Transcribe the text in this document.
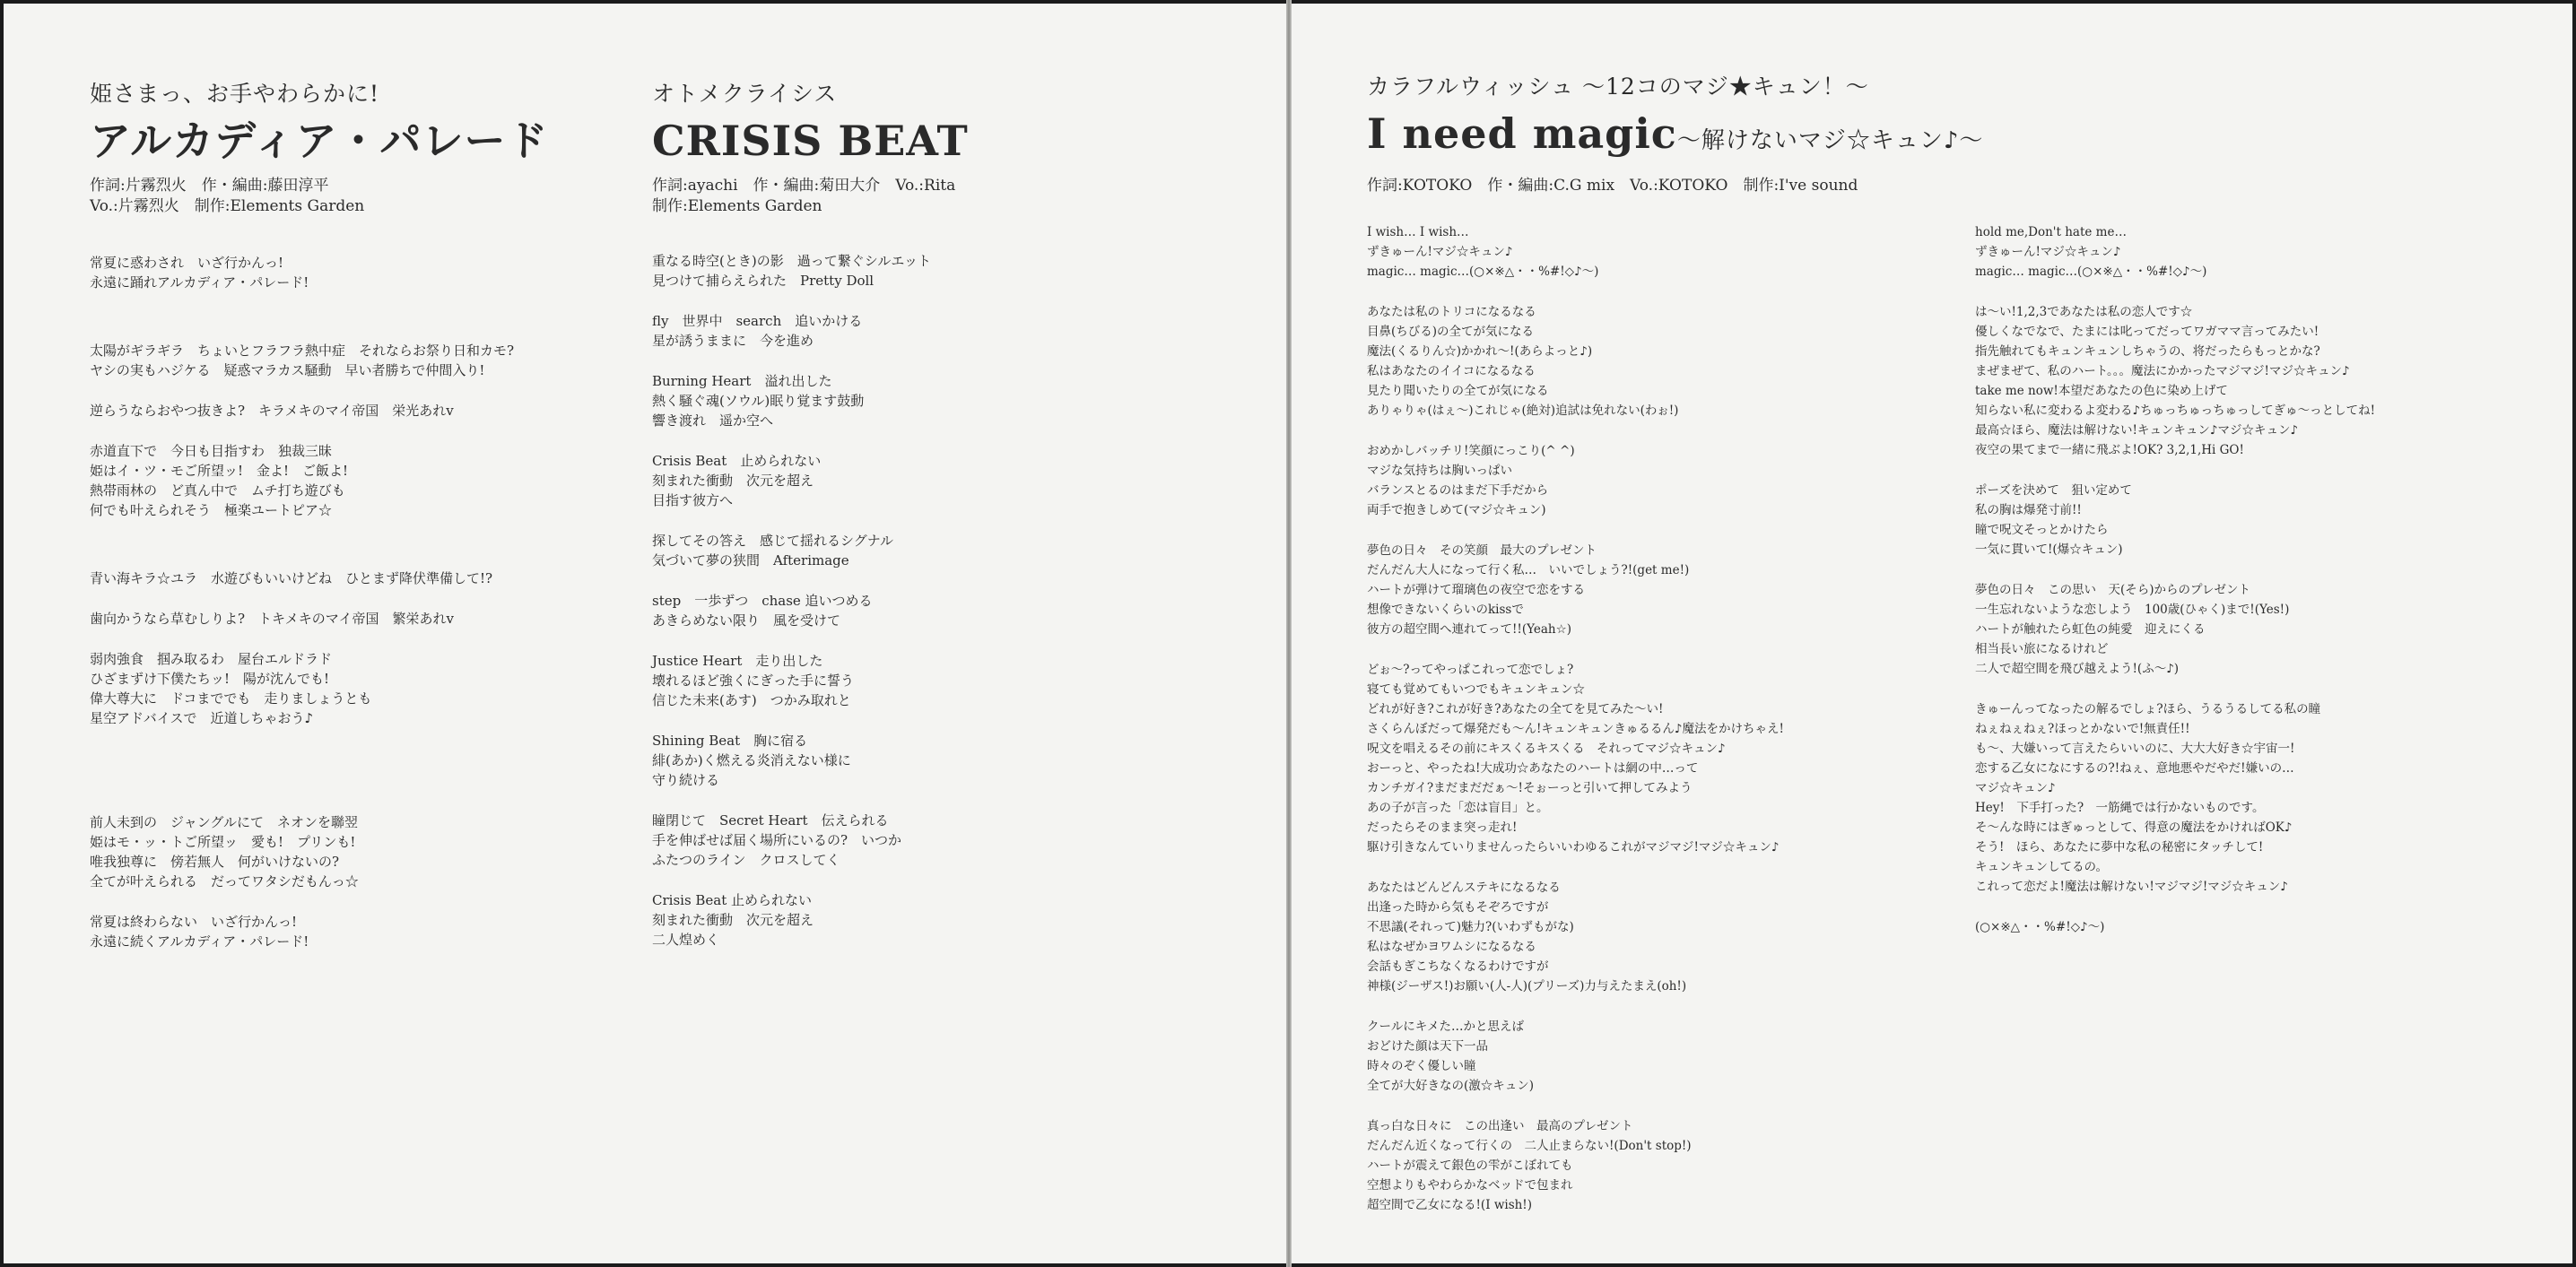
姫さまっ、お手やわらかに!

アルカディア・パレード

作詞:片霧烈火　作・編曲:藤田淳平
Vo.:片霧烈火　制作:Elements Garden

常夏に惑わされ　いざ行かんっ!
永遠に踊れアルカディア・パレード!
太陽がギラギラ　ちょいとフラフラ熱中症　それならお祭り日和カモ?
ヤシの実もハジケる　疑惑マラカス騒動　早い者勝ちで仲間入り!
逆らうならおやつ抜きよ?　キラメキのマイ帝国　栄光あれv
赤道直下で　今日も目指すわ　独裁三昧
姫はイ・ツ・モご所望ッ!　金よ!　ご飯よ!
熱帯雨林の　ど真ん中で　ムチ打ち遊びも
何でも叶えられそう　極楽ユートピア☆
青い海キラ☆ユラ　水遊びもいいけどね　ひとまず降伏準備して!?
歯向かうなら草むしりよ?　トキメキのマイ帝国　繁栄あれv
弱肉強食　掴み取るわ　屋台エルドラド
ひざまずけ下僕たちッ!　陽が沈んでも!
偉大尊大に　ドコまででも　走りましょうとも
星空アドバイスで　近道しちゃおう♪
前人未到の　ジャングルにて　ネオンを聯翌
姫はモ・ッ・トご所望ッ　愛も!　プリンも!
唯我独尊に　傍若無人　何がいけないの?
全てが叶えられる　だってワタシだもんっ☆
常夏は終わらない　いざ行かんっ!
永遠に続くアルカディア・パレード!

オトメクライシス

CRISIS BEAT

作詞:ayachi　作・編曲:菊田大介　Vo.:Rita
制作:Elements Garden

重なる時空(とき)の影　過って繋ぐシルエット
見つけて捕らえられた　Pretty Doll
fly　世界中　search　追いかける
星が誘うままに　今を進め
Burning Heart　溢れ出した
熱く騒ぐ魂(ソウル)眠り覚ます鼓動
響き渡れ　遥か空へ
Crisis Beat　止められない
刻まれた衝動　次元を超え
目指す彼方へ
探してその答え　感じて揺れるシグナル
気づいて夢の狭間　Afterimage
step　一歩ずつ　chase 追いつめる
あきらめない限り　風を受けて
Justice Heart　走り出した
壊れるほど強くにぎった手に誓う
信じた未来(あす)　つかみ取れと
Shining Beat　胸に宿る
緋(あか)く燃える炎消えない様に
守り続ける
瞳閉じて　Secret Heart　伝えられる
手を伸ばせば届く場所にいるの?　いつか
ふたつのライン　クロスしてく
Crisis Beat 止められない
刻まれた衝動　次元を超え
二人煌めく

カラフルウィッシュ ～12コのマジ★キュン！～

I need magic～解けないマジ☆キュン♪～

作詞:KOTOKO　作・編曲:C.G mix　Vo.:KOTOKO　制作:I've sound

I wish… I wish…
ずきゅーん!マジ☆キュン♪
magic… magic…(○×※△・・%#!◇♪～)
あなたは私のトリコになるなる
目鼻(ちびる)の全てが気になる
魔法(くるりん☆)かかれ～!(あらよっと♪)
私はあなたのイイコになるなる
見たり聞いたりの全てが気になる
ありゃりゃ(はぇ～)これじゃ(絶対)追試は免れない(わぉ!)
おめかしバッチリ!笑顔にっこり(^ ^)
マジな気持ちは胸いっぱい
バランスとるのはまだ下手だから
両手で抱きしめて(マジ☆キュン)
夢色の日々　その笑顔　最大のプレゼント
だんだん大人になって行く私…　いいでしょう?!(get me!)
ハートが弾けて瑠璃色の夜空で恋をする
想像できないくらいのkissで
彼方の超空間へ連れてって!!(Yeah☆)
どぉ～?ってやっぱこれって恋でしょ?
寝ても覚めてもいつでもキュンキュン☆
どれが好き?これが好き?あなたの全てを見てみた～い!
さくらんぼだって爆発だも～ん!キュンキュンきゅるるん♪魔法をかけちゃえ!
呪文を唱えるその前にキスくるキスくる　それってマジ☆キュン♪
おーっと、やったね!大成功☆あなたのハートは網の中…って
カンチガイ?まだまだだぁ～!そぉーっと引いて押してみよう
あの子が言った「恋は盲目」と。
だったらそのまま突っ走れ!
駆け引きなんていりませんったらいいわゆるこれがマジマジ!マジ☆キュン♪
あなたはどんどんステキになるなる
出逢った時から気もそぞろですが
不思議(それって)魅力?(いわずもがな)
私はなぜかヨワムシになるなる
会話もぎこちなくなるわけですが
神様(ジーザス!)お願い(人-人)(プリーズ)力与えたまえ(oh!)
クールにキメた…かと思えば
おどけた顔は天下一品
時々のぞく優しい瞳
全てが大好きなの(激☆キュン)
真っ白な日々に　この出逢い　最高のプレゼント
だんだん近くなって行くの　二人止まらない!(Don't stop!)
ハートが震えて銀色の雫がこぼれても
空想よりもやわらかなベッドで包まれ
超空間で乙女になる!(I wish!)
hold me,Don't hate me…
ずきゅーん!マジ☆キュン♪
magic… magic…(○×※△・・%#!◇♪～)
は～い!1,2,3であなたは私の恋人です☆
優しくなでなで、たまには叱ってだってワガママ言ってみたい!
指先触れてもキュンキュンしちゃうの、将だったらもっとかな?
まぜまぜて、私のハート。。。魔法にかかったマジマジ!マジ☆キュン♪
take me now!本望だあなたの色に染め上げて
知らない私に変わるよ変わる♪ちゅっちゅっちゅっしてぎゅ～っとしてね!
最高☆ほら、魔法は解けない!キュンキュン♪マジ☆キュン♪
夜空の果てまで一緒に飛ぶよ!OK? 3,2,1,Hi GO!
ポーズを決めて　狙い定めて
私の胸は爆発寸前!!
瞳で呪文そっとかけたら
一気に貫いて!(爆☆キュン)
夢色の日々　この思い　天(そら)からのプレゼント
一生忘れないような恋しよう　100歳(ひゃく)まで!(Yes!)
ハートが触れたら虹色の純愛　迎えにくる
相当長い旅になるけれど
二人で超空間を飛び越えよう!(ふ～♪)
きゅーんってなったの解るでしょ?ほら、うるうるしてる私の瞳
ねぇねぇねぇ?ほっとかないで!無責任!!
も～、大嫌いって言えたらいいのに、大大大好き☆宇宙一!
恋する乙女になにするの?!ねぇ、意地悪やだやだ!嫌いの…
マジ☆キュン♪
Hey!　下手打った?　一筋縄では行かないものです。
そ～んな時にはぎゅっとして、得意の魔法をかければOK♪
そう!　ほら、あなたに夢中な私の秘密にタッチして!
キュンキュンしてるの。
これって恋だよ!魔法は解けない!マジマジ!マジ☆キュン♪
(○×※△・・%#!◇♪～)
